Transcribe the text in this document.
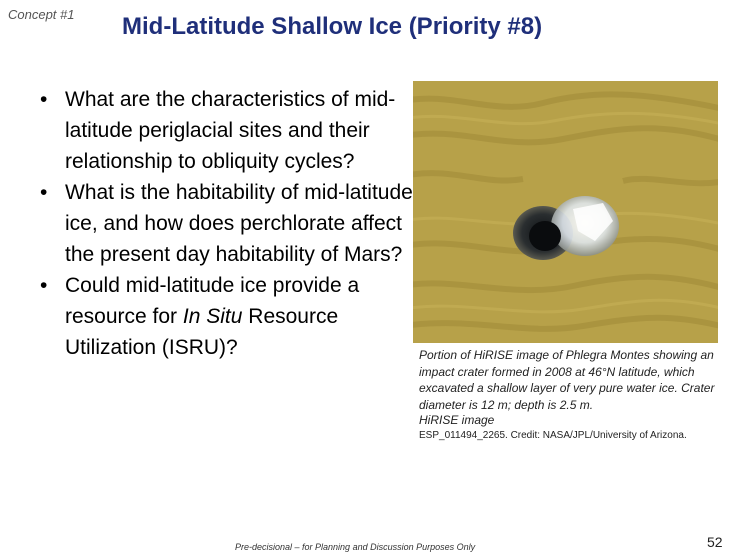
Concept #1 Mid-Latitude Shallow Ice (Priority #8)
• What are the characteristics of mid-latitude periglacial sites and their relationship to obliquity cycles?
• What is the habitability of mid-latitude ice, and how does perchlorate affect the present day habitability of Mars?
• Could mid-latitude ice provide a resource for In Situ Resource Utilization (ISRU)?	Portion of HiRISE image of Phlegra Montes showing an impact crater formed in 2008 at 46°N latitude, which excavated a shallow layer of very pure water ice. Crater diameter is 12 m; depth is 2.5 m.
HiRISE image
ESP_011494_2265. Credit: NASA/JPL/University of Arizona.
Pre-decisional – for Planning and Discussion Purposes Only	52
